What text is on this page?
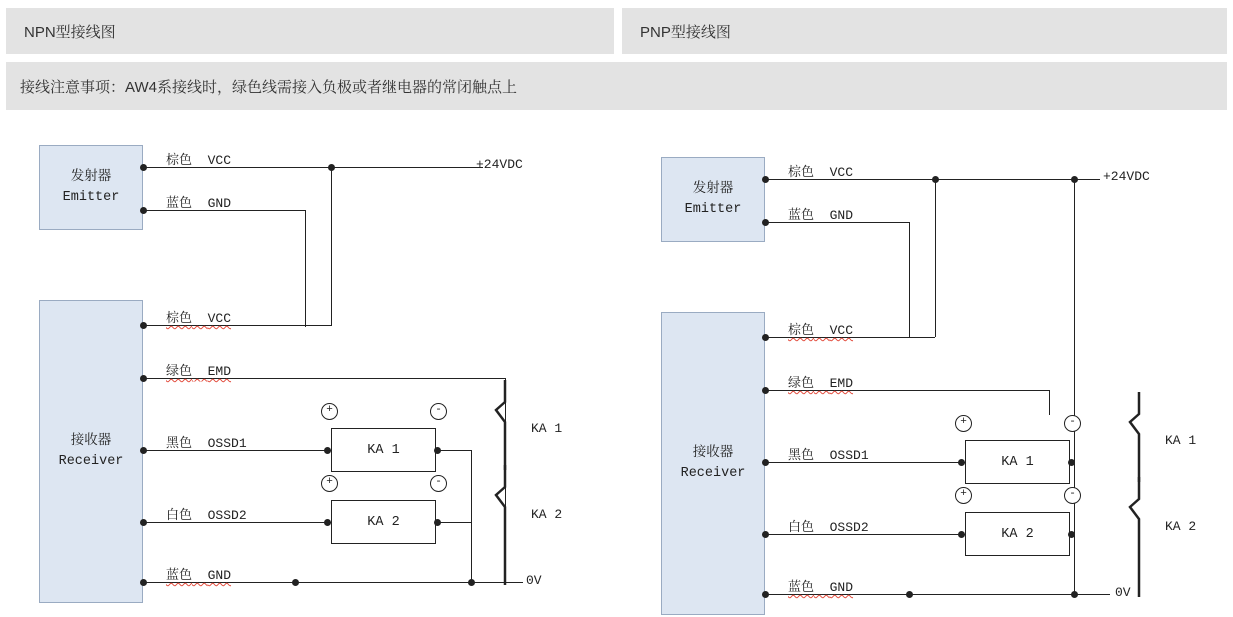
NPN型接线图	PNP型接线图
接线注意事项：AW4系接线时，绿色线需接入负极或者继电器的常闭触点上
发射器
Emitter
接收器
Receiver
棕色 VCC	+24VDC
蓝色 GND
棕色 VCC
绿色 EMD
黑色 OSSD1	KA 1
+	-
白色 OSSD2	KA 2
+	-
蓝色 GND	0V
KA 1
KA 2
发射器
Emitter
接收器
Receiver
棕色 VCC	+24VDC
蓝色 GND
棕色 VCC
绿色 EMD
黑色 OSSD1	KA 1
+	-
白色 OSSD2	KA 2
+	-
蓝色 GND	0V
KA 1
KA 2
